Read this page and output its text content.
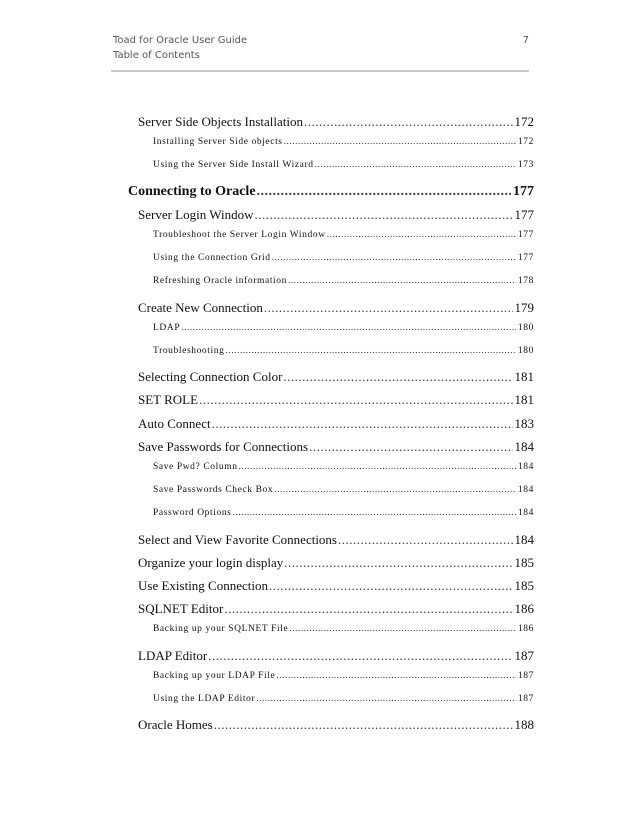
Toad for Oracle User Guide	7
Table of Contents
Server Side Objects Installation .....	172
Installing Server Side objects .....	172
Using the Server Side Install Wizard .....	173
Connecting to Oracle .....	177
Server Login Window .....	177
Troubleshoot the Server Login Window .....	177
Using the Connection Grid .....	177
Refreshing Oracle information .....	178
Create New Connection .....	179
LDAP .....	180
Troubleshooting .....	180
Selecting Connection Color .....	181
SET ROLE .....	181
Auto Connect .....	183
Save Passwords for Connections .....	184
Save Pwd? Column .....	184
Save Passwords Check Box .....	184
Password Options .....	184
Select and View Favorite Connections .....	184
Organize your login display .....	185
Use Existing Connection .....	185
SQLNET Editor .....	186
Backing up your SQLNET File .....	186
LDAP Editor .....	187
Backing up your LDAP File .....	187
Using the LDAP Editor .....	187
Oracle Homes .....	188
